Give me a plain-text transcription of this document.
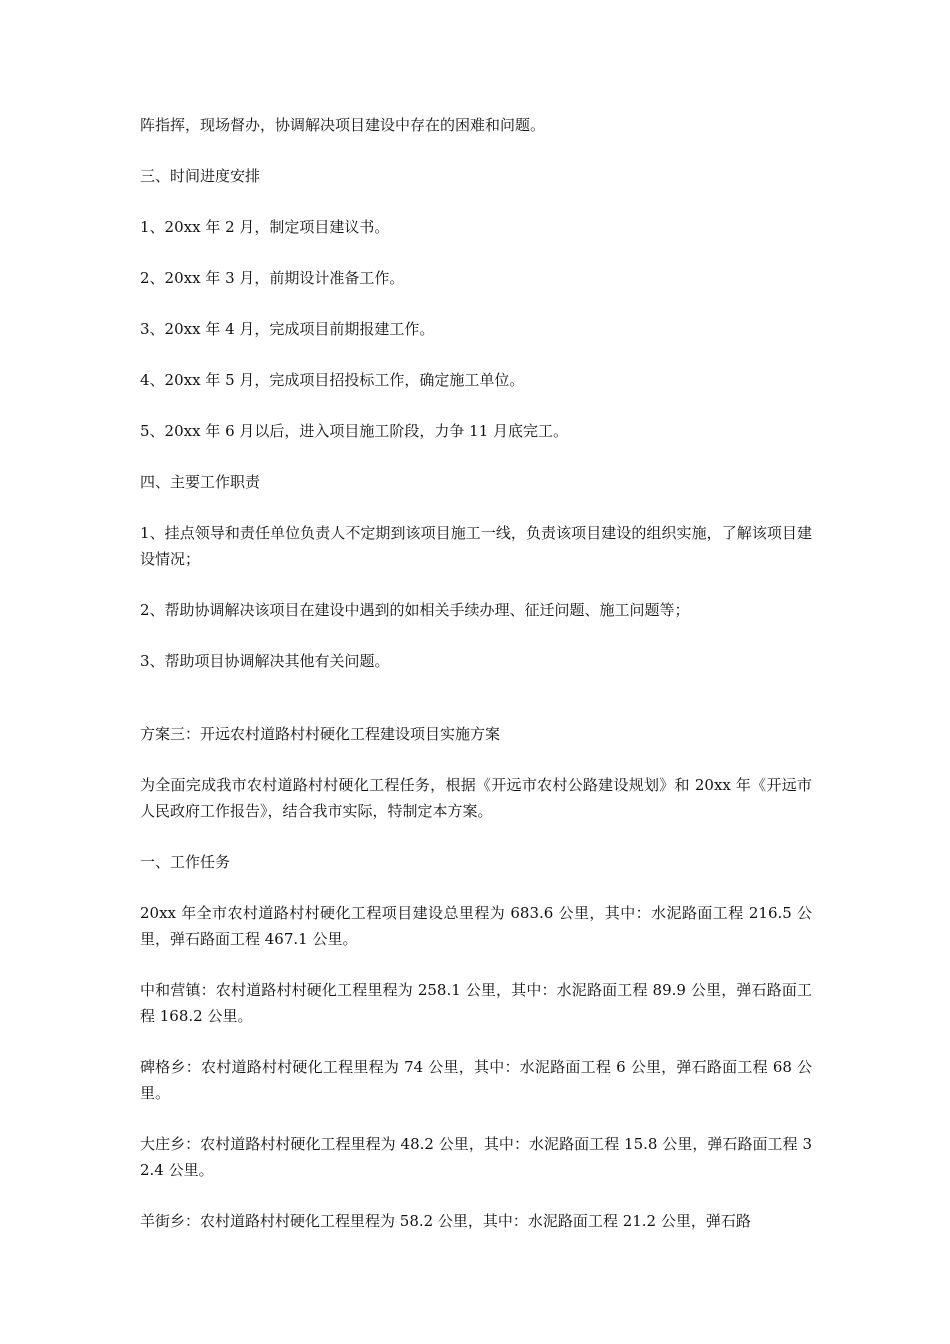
阵指挥，现场督办，协调解决项目建设中存在的困难和问题。

三、时间进度安排

1、20xx 年 2 月，制定项目建议书。

2、20xx 年 3 月，前期设计准备工作。

3、20xx 年 4 月，完成项目前期报建工作。

4、20xx 年 5 月，完成项目招投标工作，确定施工单位。

5、20xx 年 6 月以后，进入项目施工阶段，力争 11 月底完工。

四、主要工作职责

1、挂点领导和责任单位负责人不定期到该项目施工一线，负责该项目建设的组织实施，了解该项目建设情况；

2、帮助协调解决该项目在建设中遇到的如相关手续办理、征迁问题、施工问题等；

3、帮助项目协调解决其他有关问题。

方案三：开远农村道路村村硬化工程建设项目实施方案

为全面完成我市农村道路村村硬化工程任务，根据《开远市农村公路建设规划》和 20xx 年《开远市人民政府工作报告》，结合我市实际，特制定本方案。

一、工作任务

20xx 年全市农村道路村村硬化工程项目建设总里程为 683.6 公里，其中：水泥路面工程 216.5 公里，弹石路面工程 467.1 公里。

中和营镇：农村道路村村硬化工程里程为 258.1 公里，其中：水泥路面工程 89.9 公里，弹石路面工程 168.2 公里。

碑格乡：农村道路村村硬化工程里程为 74 公里，其中：水泥路面工程 6 公里，弹石路面工程 68 公里。

大庄乡：农村道路村村硬化工程里程为 48.2 公里，其中：水泥路面工程 15.8 公里，弹石路面工程 32.4 公里。

羊街乡：农村道路村村硬化工程里程为 58.2 公里，其中：水泥路面工程 21.2 公里，弹石路
